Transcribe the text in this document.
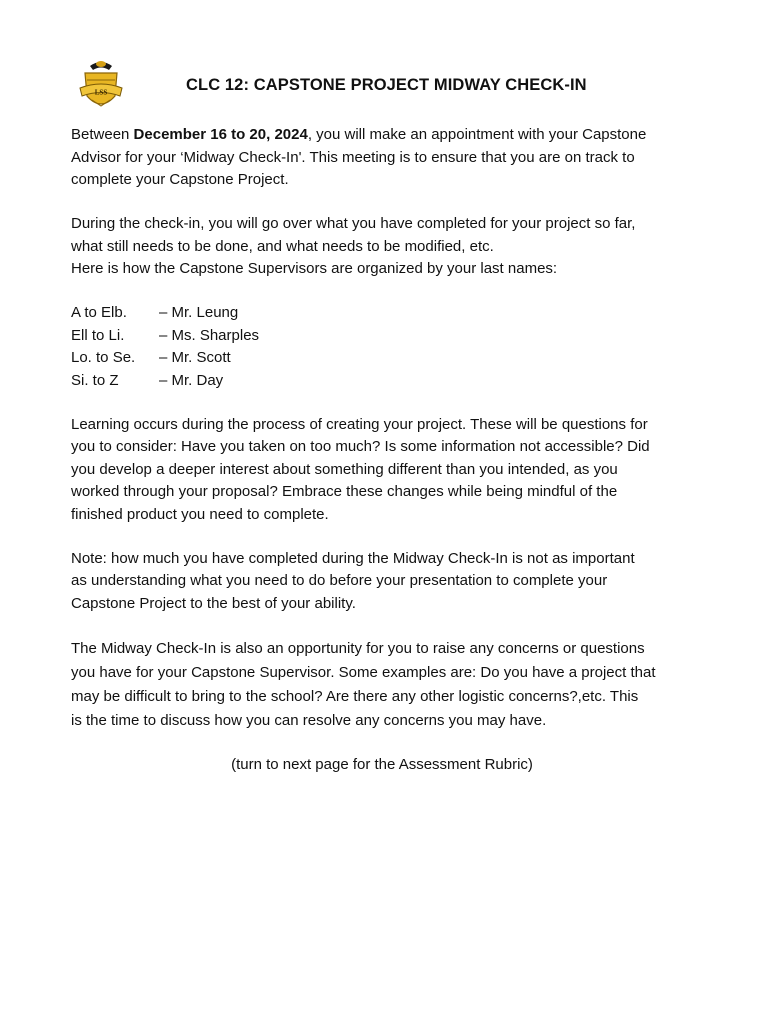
LSS	CLC 12: CAPSTONE PROJECT MIDWAY CHECK-IN

Between December 16 to 20, 2024, you will make an appointment with your Capstone
Advisor for your ‘Midway Check-In'. This meeting is to ensure that you are on track to
complete your Capstone Project.

During the check-in, you will go over what you have completed for your project so far,
what still needs to be done, and what needs to be modified, etc.
Here is how the Capstone Supervisors are organized by your last names:

A to Elb.	– Mr. Leung
Ell to Li.	– Ms. Sharples
Lo. to Se.	– Mr. Scott
Si. to Z	– Mr. Day

Learning occurs during the process of creating your project. These will be questions for
you to consider: Have you taken on too much? Is some information not accessible? Did
you develop a deeper interest about something different than you intended, as you
worked through your proposal? Embrace these changes while being mindful of the
finished product you need to complete.

Note: how much you have completed during the Midway Check-In is not as important
as understanding what you need to do before your presentation to complete your
Capstone Project to the best of your ability.

The Midway Check-In is also an opportunity for you to raise any concerns or questions
you have for your Capstone Supervisor. Some examples are: Do you have a project that
may be difficult to bring to the school? Are there any other logistic concerns?,etc. This
is the time to discuss how you can resolve any concerns you may have.

(turn to next page for the Assessment Rubric)
